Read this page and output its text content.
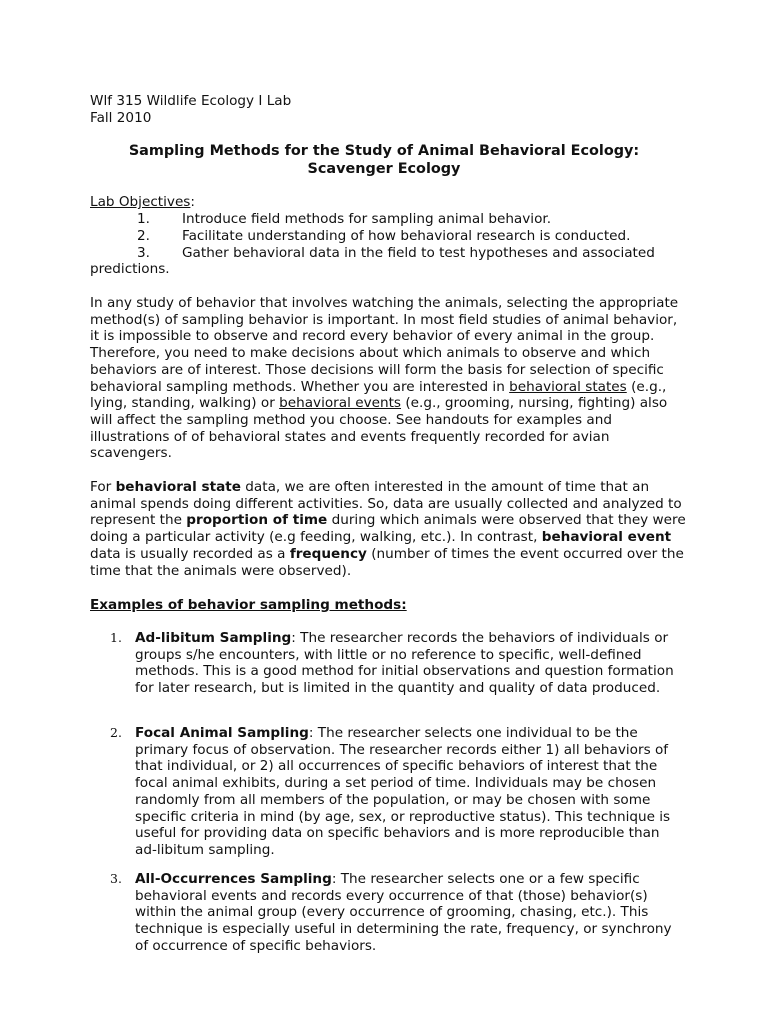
Wlf 315 Wildlife Ecology I Lab
Fall 2010
Sampling Methods for the Study of Animal Behavioral Ecology:
Scavenger Ecology
Lab Objectives:
1. Introduce field methods for sampling animal behavior.
2. Facilitate understanding of how behavioral research is conducted.
3. Gather behavioral data in the field to test hypotheses and associated
predictions.

In any study of behavior that involves watching the animals, selecting the appropriate method(s) of sampling behavior is important. In most field studies of animal behavior, it is impossible to observe and record every behavior of every animal in the group. Therefore, you need to make decisions about which animals to observe and which behaviors are of interest. Those decisions will form the basis for selection of specific behavioral sampling methods. Whether you are interested in behavioral states (e.g., lying, standing, walking) or behavioral events (e.g., grooming, nursing, fighting) also will affect the sampling method you choose. See handouts for examples and illustrations of of behavioral states and events frequently recorded for avian scavengers.

For behavioral state data, we are often interested in the amount of time that an animal spends doing different activities. So, data are usually collected and analyzed to represent the proportion of time during which animals were observed that they were doing a particular activity (e.g feeding, walking, etc.). In contrast, behavioral event data is usually recorded as a frequency (number of times the event occurred over the time that the animals were observed).

Examples of behavior sampling methods:
1. Ad-libitum Sampling: The researcher records the behaviors of individuals or groups s/he encounters, with little or no reference to specific, well-defined methods. This is a good method for initial observations and question formation for later research, but is limited in the quantity and quality of data produced.

2. Focal Animal Sampling: The researcher selects one individual to be the primary focus of observation. The researcher records either 1) all behaviors of that individual, or 2) all occurrences of specific behaviors of interest that the focal animal exhibits, during a set period of time. Individuals may be chosen randomly from all members of the population, or may be chosen with some specific criteria in mind (by age, sex, or reproductive status). This technique is useful for providing data on specific behaviors and is more reproducible than ad-libitum sampling.

3. All-Occurrences Sampling: The researcher selects one or a few specific behavioral events and records every occurrence of that (those) behavior(s) within the animal group (every occurrence of grooming, chasing, etc.). This technique is especially useful in determining the rate, frequency, or synchrony of occurrence of specific behaviors.
